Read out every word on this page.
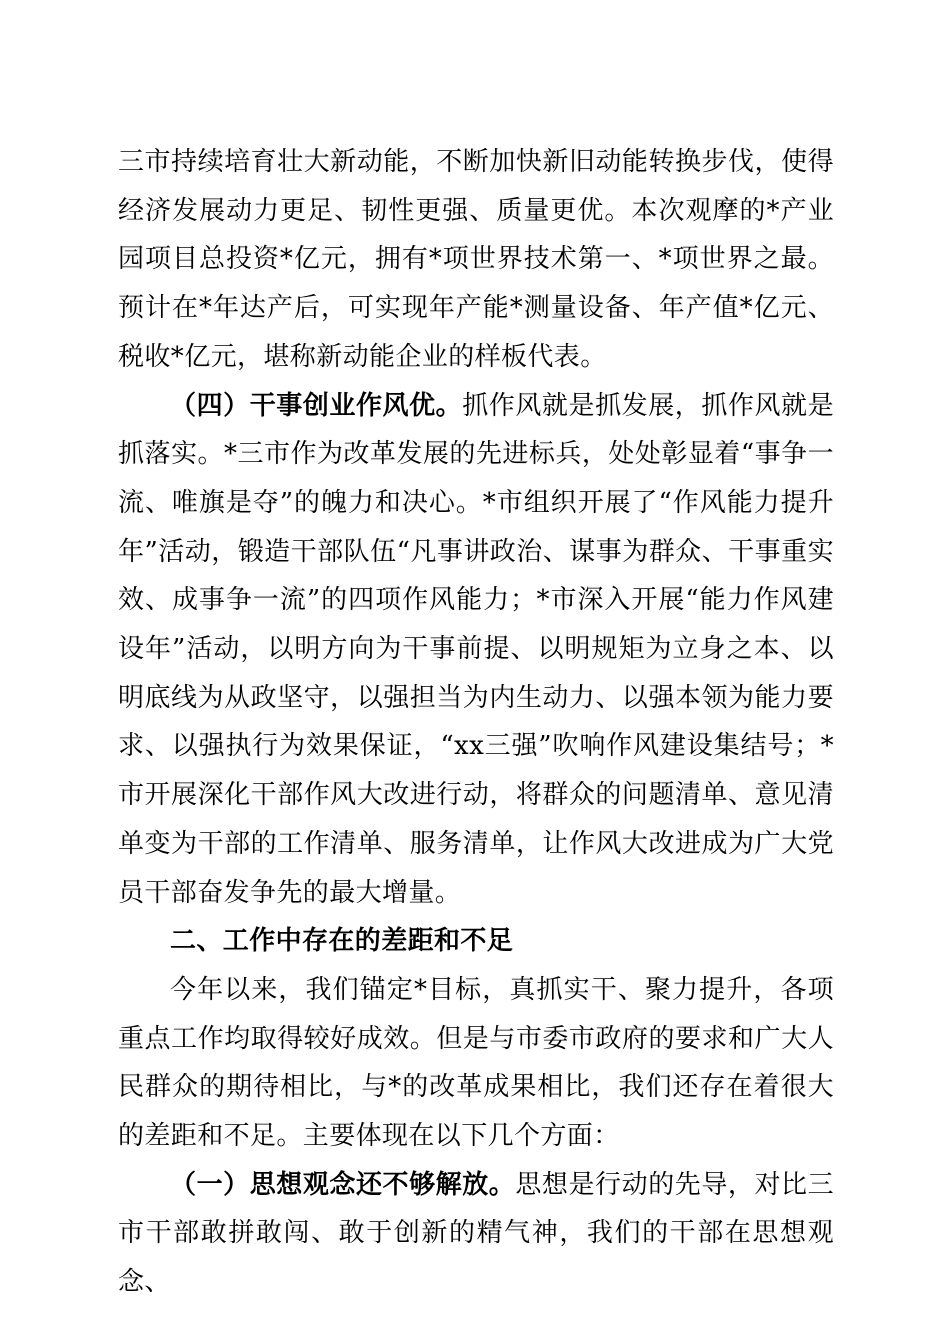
三市持续培育壮大新动能，不断加快新旧动能转换步伐，使得经济发展动力更足、韧性更强、质量更优。本次观摩的*产业园项目总投资*亿元，拥有*项世界技术第一、*项世界之最。预计在*年达产后，可实现年产能*测量设备、年产值*亿元、税收*亿元，堪称新动能企业的样板代表。

（四）干事创业作风优。抓作风就是抓发展，抓作风就是抓落实。*三市作为改革发展的先进标兵，处处彰显着“事争一流、唯旗是夺”的魄力和决心。*市组织开展了“作风能力提升年”活动，锻造干部队伍“凡事讲政治、谋事为群众、干事重实效、成事争一流”的四项作风能力；*市深入开展“能力作风建设年”活动，以明方向为干事前提、以明规矩为立身之本、以明底线为从政坚守，以强担当为内生动力、以强本领为能力要求、以强执行为效果保证，“xx三强”吹响作风建设集结号；*市开展深化干部作风大改进行动，将群众的问题清单、意见清单变为干部的工作清单、服务清单，让作风大改进成为广大党员干部奋发争先的最大增量。

二、工作中存在的差距和不足

今年以来，我们锚定*目标，真抓实干、聚力提升，各项重点工作均取得较好成效。但是与市委市政府的要求和广大人民群众的期待相比，与*的改革成果相比，我们还存在着很大的差距和不足。主要体现在以下几个方面：

（一）思想观念还不够解放。思想是行动的先导，对比三市干部敢拼敢闯、敢于创新的精气神，我们的干部在思想观念、
